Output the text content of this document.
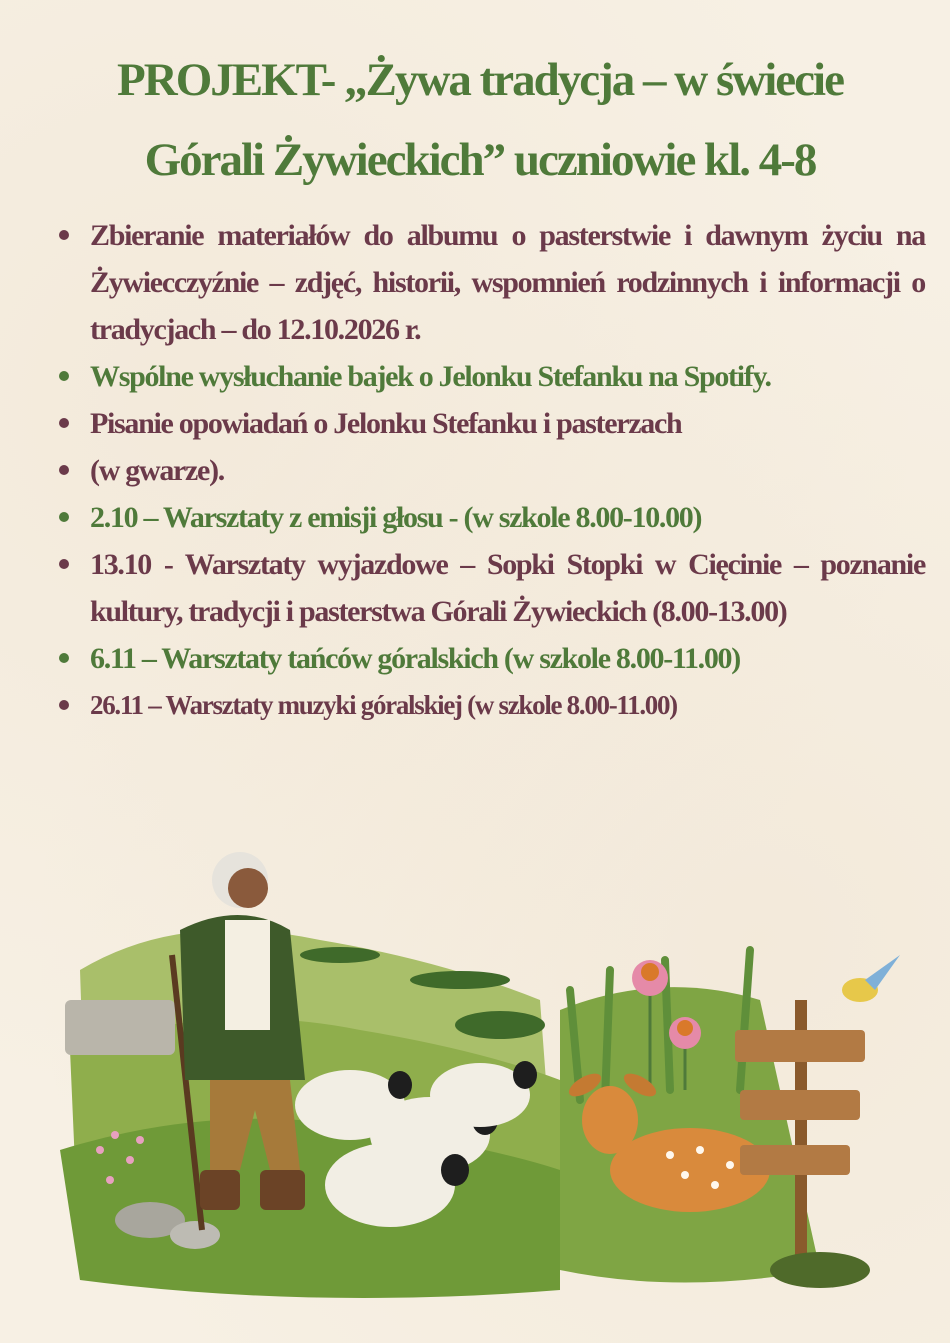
PROJEKT- „Żywa tradycja – w świecie
Górali Żywieckich” uczniowie kl. 4-8
Zbieranie materiałów do albumu o pasterstwie i dawnym życiu na Żywiecczyźnie – zdjęć, historii, wspomnień rodzinnych i informacji o tradycjach – do 12.10.2026 r.
Wspólne wysłuchanie bajek o Jelonku Stefanku na Spotify.
Pisanie opowiadań o Jelonku Stefanku i pasterzach
(w gwarze).
2.10 – Warsztaty z emisji głosu - (w szkole 8.00-10.00)
13.10 - Warsztaty wyjazdowe – Sopki Stopki w Cięcinie – poznanie kultury, tradycji i pasterstwa Górali Żywieckich (8.00-13.00)
6.11 – Warsztaty tańców góralskich (w szkole 8.00-11.00)
26.11 – Warsztaty muzyki góralskiej (w szkole 8.00-11.00)
